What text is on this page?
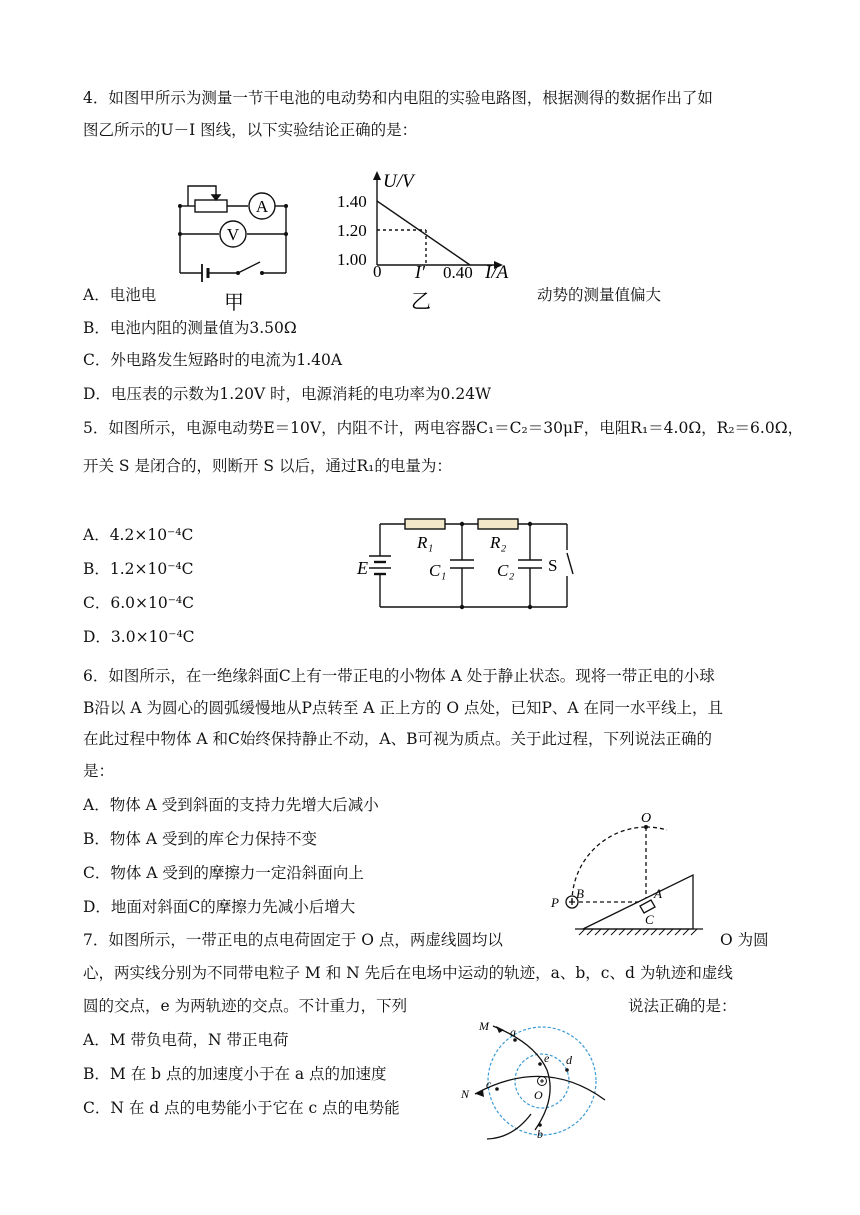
4．如图甲所示为测量一节干电池的电动势和内电阻的实验电路图，根据测得的数据作出了如
图乙所示的U－I 图线，以下实验结论正确的是：
A
V
甲
U/V
1.40
1.20
1.00
0 I′ 0.40 I/A
乙
A．电池电	动势的测量值偏大
B．电池内阻的测量值为3.50Ω
C．外电路发生短路时的电流为1.40A
D．电压表的示数为1.20V 时，电源消耗的电功率为0.24W
5．如图所示，电源电动势E＝10V，内阻不计，两电容器C₁＝C₂＝30μF，电阻R₁＝4.0Ω，R₂＝6.0Ω，
开关 S 是闭合的，则断开 S 以后，通过R₁的电量为：
A．4.2×10⁻⁴C
B．1.2×10⁻⁴C
C．6.0×10⁻⁴C
D．3.0×10⁻⁴C
E
R₁	R₂
C₁	C₂ S
6．如图所示，在一绝缘斜面C上有一带正电的小物体 A 处于静止状态。现将一带正电的小球
B沿以 A 为圆心的圆弧缓慢地从P点转至 A 正上方的 O 点处，已知P、A 在同一水平线上，且
在此过程中物体 A 和C始终保持静止不动，A、B可视为质点。关于此过程，下列说法正确的
是：
A．物体 A 受到斜面的支持力先增大后减小
B．物体 A 受到的库仑力保持不变
C．物体 A 受到的摩擦力一定沿斜面向上
D．地面对斜面C的摩擦力先减小后增大
O
A
B
C
P
7．如图所示，一带正电的点电荷固定于 O 点，两虚线圆均以	O 为圆
心，两实线分别为不同带电粒子 M 和 N 先后在电场中运动的轨迹，a、b，c、d 为轨迹和虚线
圆的交点，e 为两轨迹的交点。不计重力，下列	说法正确的是：
A．M 带负电荷，N 带正电荷
B．M 在 b 点的加速度小于在 a 点的加速度
C．N 在 d 点的电势能小于它在 c 点的电势能
M
N
a
b
c
d
e
O
